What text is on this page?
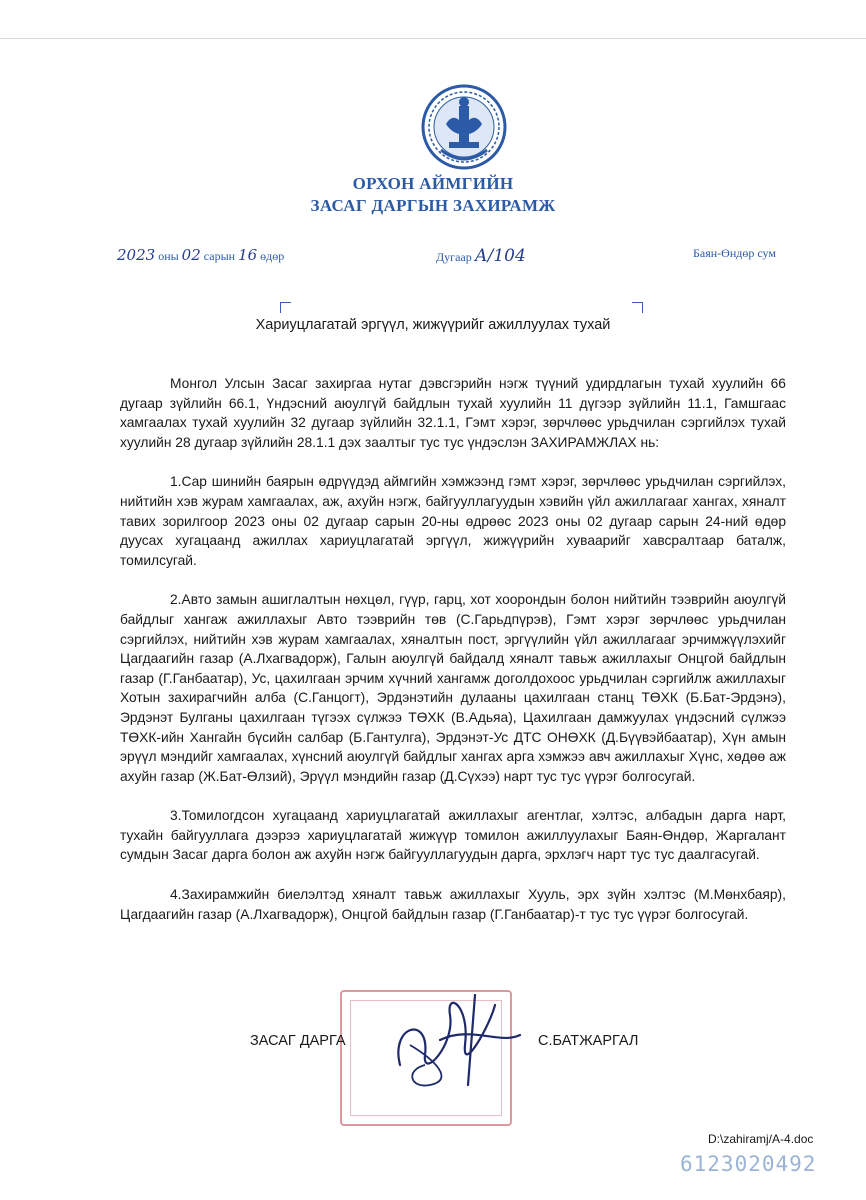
ОРХОН АЙМГИЙН
ЗАСАГ ДАРГЫН ЗАХИРАМЖ
2023 оны 02 сарын 16 өдөр	Дугаар А/104	Баян-Өндөр сум
Хариуцлагатай эргүүл, жижүүрийг ажиллуулах тухай

Монгол Улсын Засаг захиргаа нутаг дэвсгэрийн нэгж түүний удирдлагын тухай хуулийн 66 дугаар зүйлийн 66.1, Үндэсний аюулгүй байдлын тухай хуулийн 11 дүгээр зүйлийн 11.1, Гамшгаас хамгаалах тухай хуулийн 32 дугаар зүйлийн 32.1.1, Гэмт хэрэг, зөрчлөөс урьдчилан сэргийлэх тухай хуулийн 28 дугаар зүйлийн 28.1.1 дэх заалтыг тус тус үндэслэн ЗАХИРАМЖЛАХ нь:

1.Сар шинийн баярын өдрүүдэд аймгийн хэмжээнд гэмт хэрэг, зөрчлөөс урьдчилан сэргийлэх, нийтийн хэв журам хамгаалах, аж, ахуйн нэгж, байгууллагуудын хэвийн үйл ажиллагааг хангах, хяналт тавих зорилгоор 2023 оны 02 дугаар сарын 20-ны өдрөөс 2023 оны 02 дугаар сарын 24-ний өдөр дуусах хугацаанд ажиллах хариуцлагатай эргүүл, жижүүрийн хуваарийг хавсралтаар баталж, томилсугай.

2.Авто замын ашиглалтын нөхцөл, гүүр, гарц, хот хоорондын болон нийтийн тээврийн аюулгүй байдлыг хангаж ажиллахыг Авто тээврийн төв (С.Гарьдпүрэв), Гэмт хэрэг зөрчлөөс урьдчилан сэргийлэх, нийтийн хэв журам хамгаалах, хяналтын пост, эргүүлийн үйл ажиллагааг эрчимжүүлэхийг Цагдаагийн газар (А.Лхагвадорж), Галын аюулгүй байдалд хяналт тавьж ажиллахыг Онцгой байдлын газар (Г.Ганбаатар), Ус, цахилгаан эрчим хүчний хангамж доголдохоос урьдчилан сэргийлж ажиллахыг Хотын захирагчийн алба (С.Ганцогт), Эрдэнэтийн дулааны цахилгаан станц ТӨХК (Б.Бат-Эрдэнэ), Эрдэнэт Булганы цахилгаан түгээх сүлжээ ТӨХК (В.Адьяа), Цахилгаан дамжуулах үндэсний сүлжээ ТӨХК-ийн Хангайн бүсийн салбар (Б.Гантулга), Эрдэнэт-Ус ДТС ОНӨХК (Д.Бүүвэйбаатар), Хүн амын эрүүл мэндийг хамгаалах, хүнсний аюулгүй байдлыг хангах арга хэмжээ авч ажиллахыг Хүнс, хөдөө аж ахуйн газар (Ж.Бат-Өлзий), Эрүүл мэндийн газар (Д.Сүхээ) нарт тус тус үүрэг болгосугай.

3.Томилогдсон хугацаанд хариуцлагатай ажиллахыг агентлаг, хэлтэс, албадын дарга нарт, тухайн байгууллага дээрээ хариуцлагатай жижүүр томилон ажиллуулахыг Баян-Өндөр, Жаргалант сумдын Засаг дарга болон аж ахуйн нэгж байгууллагуудын дарга, эрхлэгч нарт тус тус даалгасугай.

4.Захирамжийн биелэлтэд хяналт тавьж ажиллахыг Хууль, эрх зүйн хэлтэс (М.Мөнхбаяр), Цагдаагийн газар (А.Лхагвадорж), Онцгой байдлын газар (Г.Ганбаатар)-т тус тус үүрэг болгосугай.

ЗАСАГ ДАРГА	С.БАТЖАРГАЛ
D:\zahiramj/A-4.doc
6123020492
